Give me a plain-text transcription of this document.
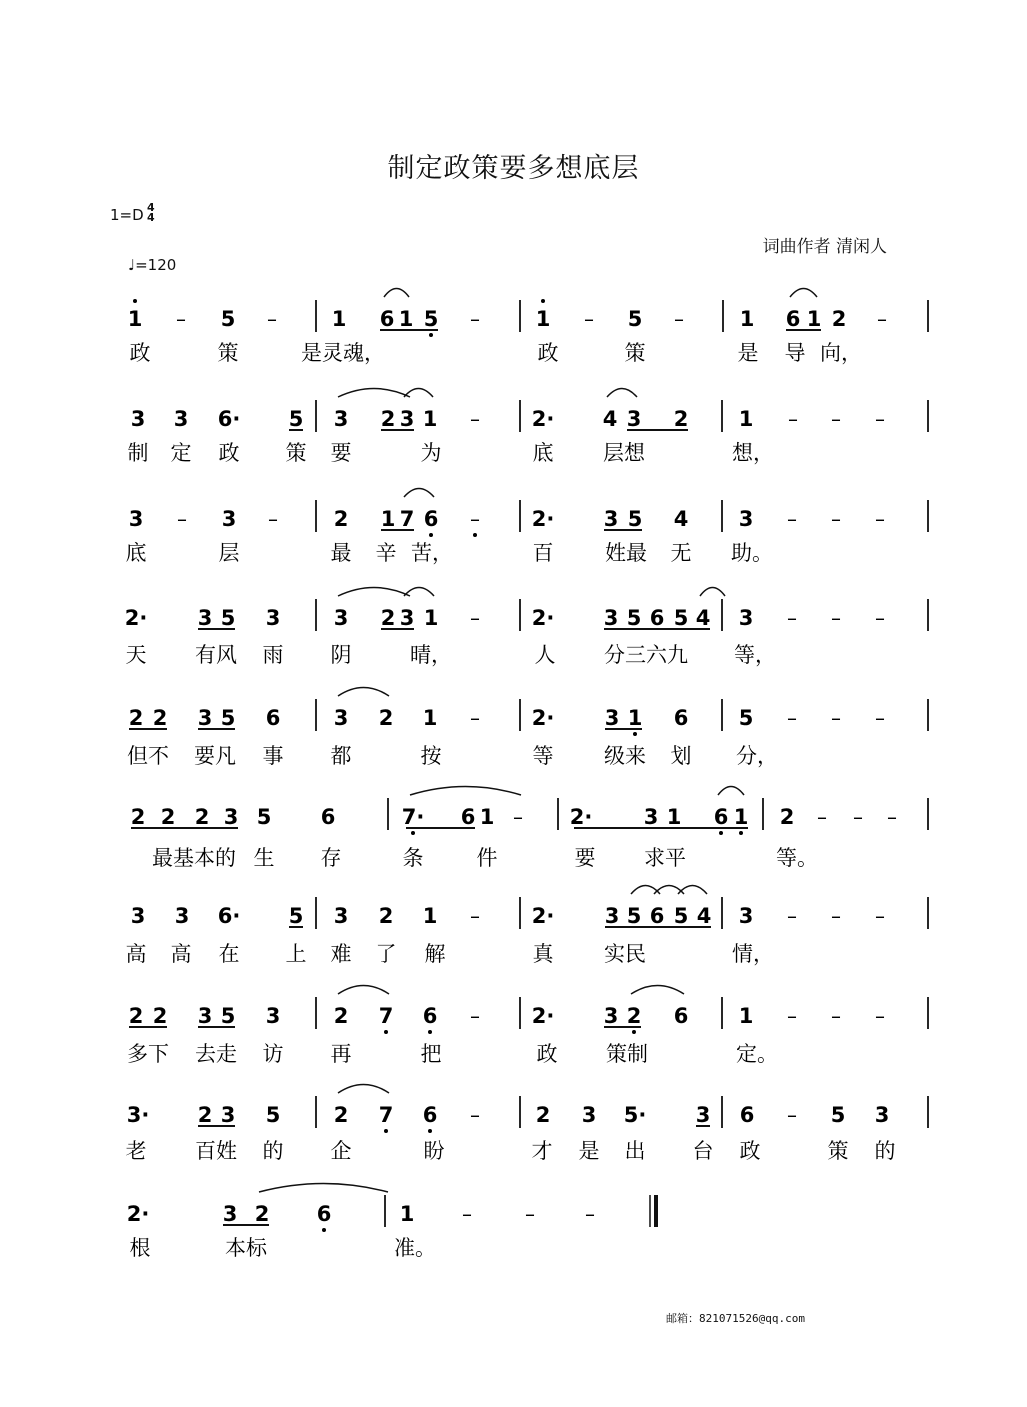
制定政策要多想底层
1=D 4
4
♩=120
词曲作者 清闲人
1 – 5 –	1 6 1 5 –	1 – 5 –	1 6 1 2 –
政	策	是灵魂，	政	策	是 导 向，
3 3 6· 5 3 2 3 1 – 2· 4 3 2 1 – – –
制 定 政 策 要	为	底 层想	想，
3 – 3 –	2 1 7 6 – 2· 3 5 4 3 – – –
底	层	最 辛 苦，	百 姓最 无 助。
2· 3 5 3	3 2 3 1 – 2· 3 5 6 5 4 3 – – –
天 有风 雨 阴	晴，	人 分三六九 等，
2 2 3 5 6	3 2 1 – 2· 3 1 6 5 – – –
但不 要凡 事 都	按	等 级来 划 分，
2 2 2 3 5 6	7· 6 1 – 2· 3 1 6 1 2 – – –
最基本的 生 存	条	件	要 求平	等。
3 3 6· 5 3 2 1 – 2· 3 5 6 5 4 3 – – –
高 高 在 上 难 了 解	真 实民	情，
2 2 3 5 3	2 7 6 – 2· 3 2 6 1 – – –
多下 去走 访 再	把	政 策制	定。
3· 2 3 5	2 7 6 –	2 3 5· 3 6 – 5 3
老 百姓 的 企	盼	才 是 出 台 政	策 的
2·	3 2 6	1 –	–	–
根	本标	准。
邮箱：821071526@qq.com
